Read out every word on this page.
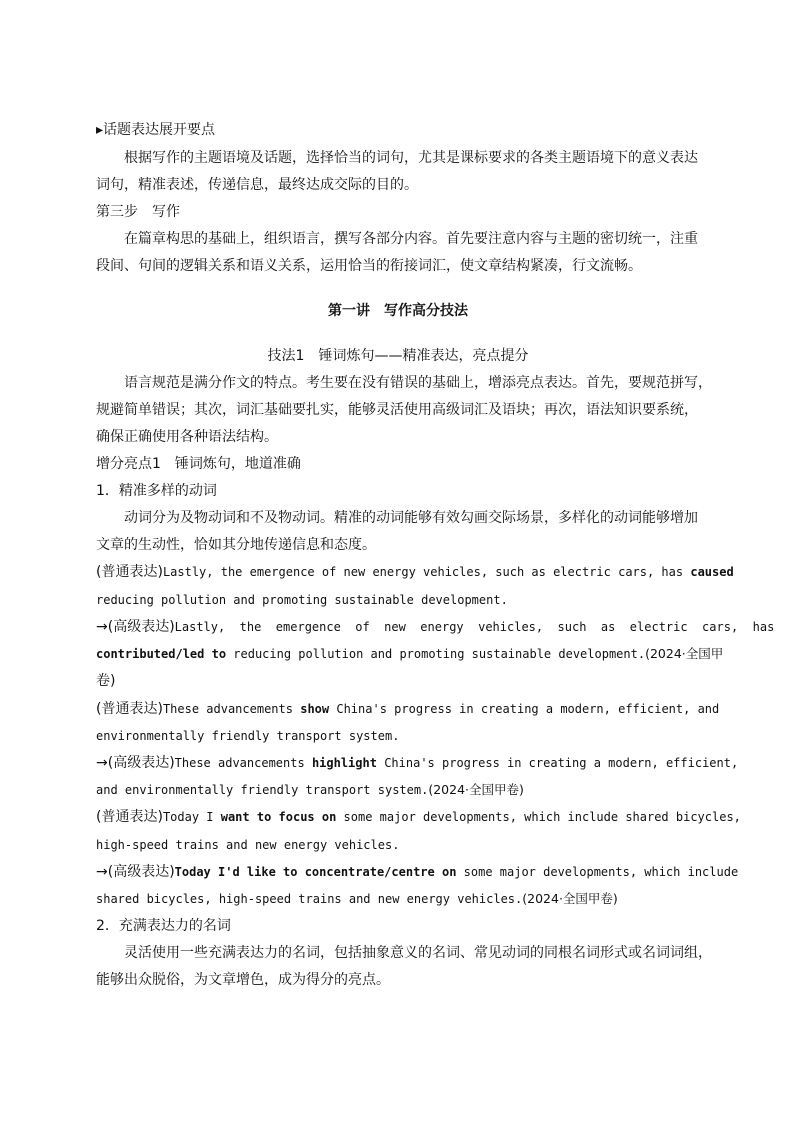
▸话题表达展开要点
根据写作的主题语境及话题，选择恰当的词句，尤其是课标要求的各类主题语境下的意义表达
词句，精准表述，传递信息，最终达成交际的目的。
第三步　写作
在篇章构思的基础上，组织语言，撰写各部分内容。首先要注意内容与主题的密切统一，注重
段间、句间的逻辑关系和语义关系，运用恰当的衔接词汇，使文章结构紧凑，行文流畅。
第一讲　写作高分技法
技法1　锤词炼句——精准表达，亮点提分
语言规范是满分作文的特点。考生要在没有错误的基础上，增添亮点表达。首先，要规范拼写，
规避简单错误；其次，词汇基础要扎实，能够灵活使用高级词汇及语块；再次，语法知识要系统，
确保正确使用各种语法结构。
增分亮点1　锤词炼句，地道准确
1．精准多样的动词
动词分为及物动词和不及物动词。精准的动词能够有效勾画交际场景，多样化的动词能够增加
文章的生动性，恰如其分地传递信息和态度。
(普通表达)Lastly, the emergence of new energy vehicles, such as electric cars, has caused
reducing pollution and promoting sustainable development.
→(高级表达)Lastly,  the  emergence  of  new  energy  vehicles,  such  as  electric  cars,  has
contributed/led to reducing pollution and promoting sustainable development.(2024·全国甲
卷)
(普通表达)These advancements show China's progress in creating a modern, efficient, and
environmentally friendly transport system.
→(高级表达)These advancements highlight China's progress in creating a modern, efficient,
and environmentally friendly transport system.(2024·全国甲卷)
(普通表达)Today I want to focus on some major developments, which include shared bicycles,
high-speed trains and new energy vehicles.
→(高级表达)Today I'd like to concentrate/centre on some major developments, which include
shared bicycles, high-speed trains and new energy vehicles.(2024·全国甲卷)
2．充满表达力的名词
灵活使用一些充满表达力的名词，包括抽象意义的名词、常见动词的同根名词形式或名词词组，
能够出众脱俗，为文章增色，成为得分的亮点。
